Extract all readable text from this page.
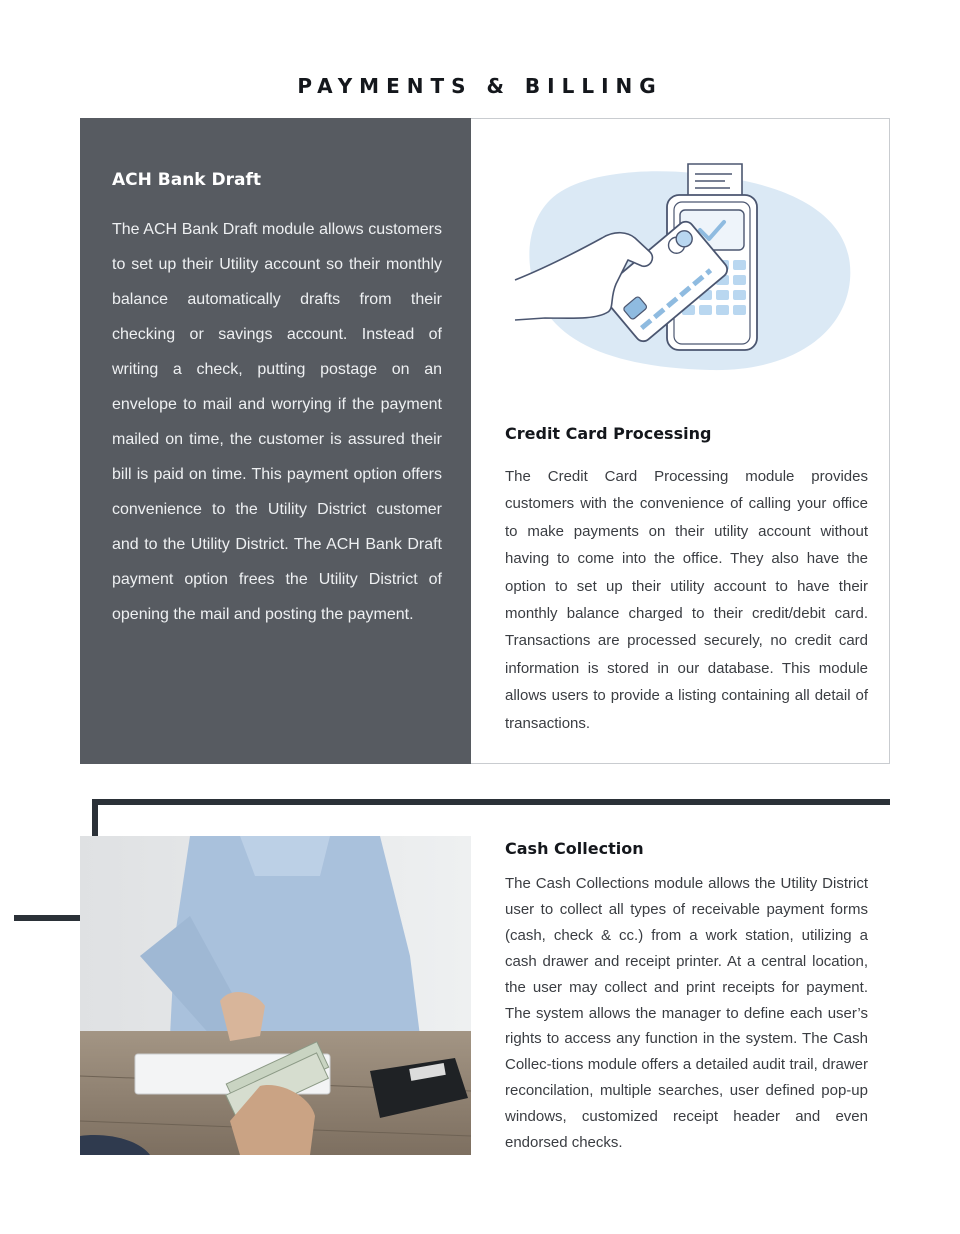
PAYMENTS & BILLING
ACH Bank Draft

The ACH Bank Draft module allows customers to set up their Utility account so their monthly balance automatically drafts from their checking or savings account. Instead of writing a check, putting postage on an envelope to mail and worrying if the payment mailed on time, the customer is assured their bill is paid on time. This payment option offers convenience to the Utility District customer and to the Utility District. The ACH Bank Draft payment option frees the Utility District of opening the mail and posting the payment.

Credit Card Processing

The Credit Card Processing module provides customers with the convenience of calling your office to make payments on their utility account without having to come into the office. They also have the option to set up their utility account to have their monthly balance charged to their credit/debit card. Transactions are processed securely, no credit card information is stored in our database. This module allows users to provide a listing containing all detail of transactions.

Cash Collection

The Cash Collections module allows the Utility District user to collect all types of receivable payment forms (cash, check & cc.) from a work station, utilizing a cash drawer and receipt printer. At a central location, the user may collect and print receipts for payment. The system allows the manager to define each user’s rights to access any function in the system. The Cash Collec-tions module offers a detailed audit trail, drawer reconcilation, multiple searches, user defined pop-up windows, customized receipt header and even endorsed checks.
